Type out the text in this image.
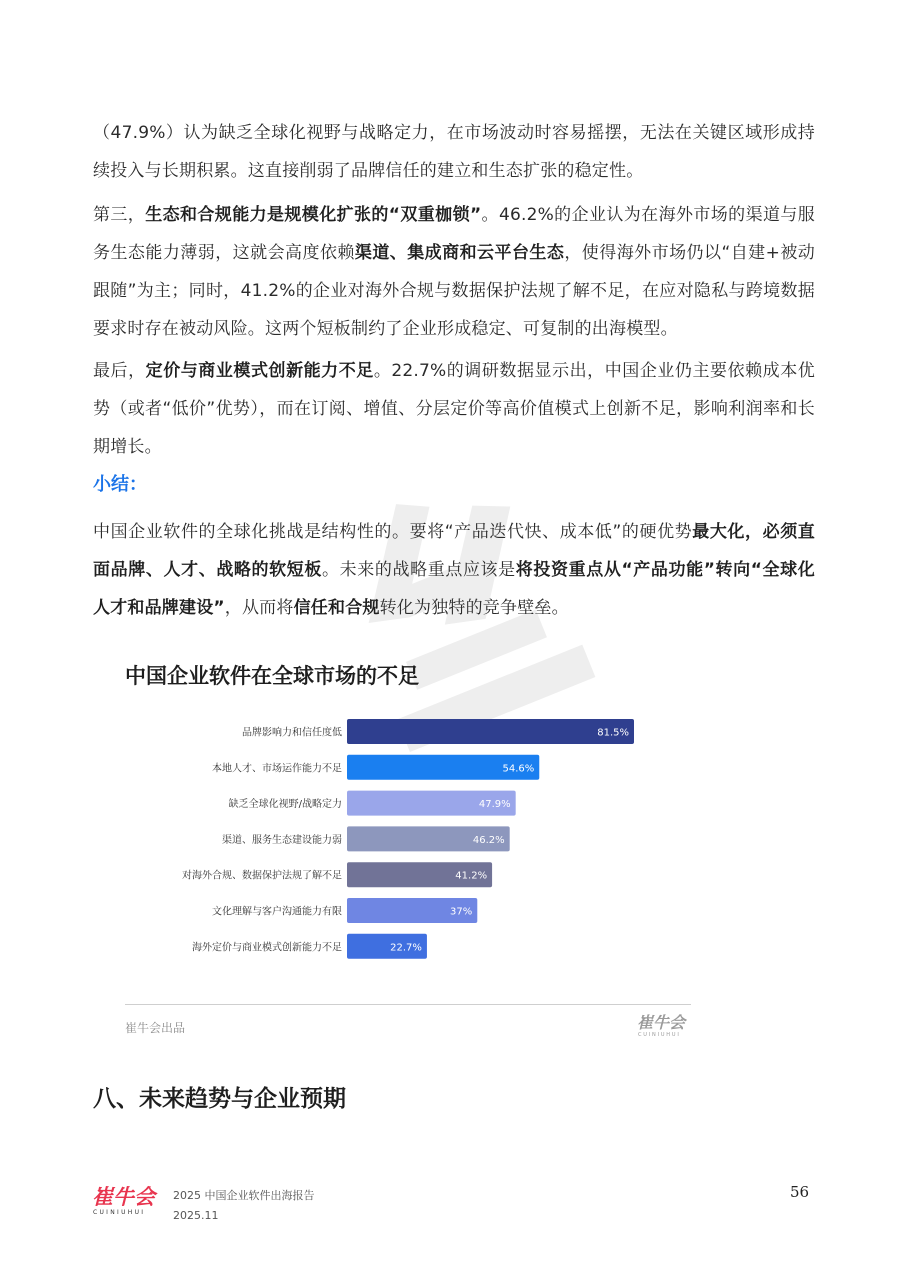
（47.9%）认为缺乏全球化视野与战略定力，在市场波动时容易摇摆，无法在关键区域形成持续投入与长期积累。这直接削弱了品牌信任的建立和生态扩张的稳定性。

第三，生态和合规能力是规模化扩张的“双重枷锁”。46.2%的企业认为在海外市场的渠道与服务生态能力薄弱，这就会高度依赖渠道、集成商和云平台生态，使得海外市场仍以“自建+被动跟随”为主；同时，41.2%的企业对海外合规与数据保护法规了解不足，在应对隐私与跨境数据要求时存在被动风险。这两个短板制约了企业形成稳定、可复制的出海模型。

最后，定价与商业模式创新能力不足。22.7%的调研数据显示出，中国企业仍主要依赖成本优势（或者“低价”优势），而在订阅、增值、分层定价等高价值模式上创新不足，影响利润率和长期增长。

小结：

中国企业软件的全球化挑战是结构性的。要将“产品迭代快、成本低”的硬优势最大化，必须直面品牌、人才、战略的软短板。未来的战略重点应该是将投资重点从“产品功能”转向“全球化人才和品牌建设”，从而将信任和合规转化为独特的竞争壁垒。

中国企业软件在全球市场的不足
品牌影响力和信任度低	81.5%
本地人才、市场运作能力不足	54.6%
缺乏全球化视野/战略定力	47.9%
渠道、服务生态建设能力弱	46.2%
对海外合规、数据保护法规了解不足	41.2%
文化理解与客户沟通能力有限	37%
海外定价与商业模式创新能力不足	22.7%
崔牛会出品	崔牛会
CUINIUHUI
八、未来趋势与企业预期
崔牛会
CUINIUHUI
2025 中国企业软件出海报告
2025.11
56
